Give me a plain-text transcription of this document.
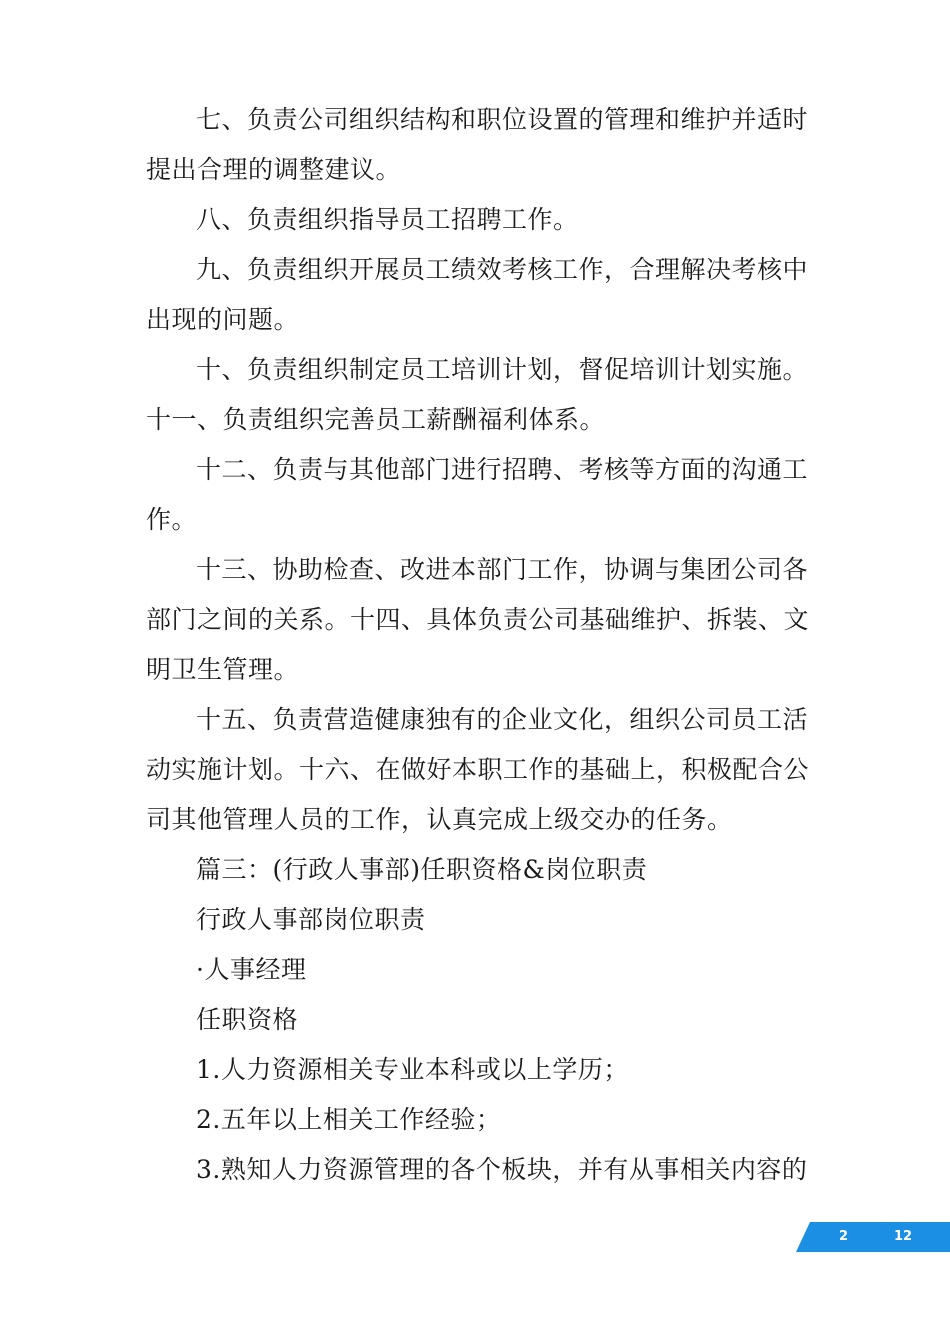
七、负责公司组织结构和职位设置的管理和维护并适时提出合理的调整建议。

八、负责组织指导员工招聘工作。

九、负责组织开展员工绩效考核工作，合理解决考核中出现的问题。

十、负责组织制定员工培训计划，督促培训计划实施。

十一、负责组织完善员工薪酬福利体系。

十二、负责与其他部门进行招聘、考核等方面的沟通工作。

十三、协助检查、改进本部门工作，协调与集团公司各部门之间的关系。十四、具体负责公司基础维护、拆装、文明卫生管理。

十五、负责营造健康独有的企业文化，组织公司员工活动实施计划。十六、在做好本职工作的基础上，积极配合公司其他管理人员的工作，认真完成上级交办的任务。

篇三：(行政人事部)任职资格&岗位职责

行政人事部岗位职责

·人事经理

任职资格

1.人力资源相关专业本科或以上学历；

2.五年以上相关工作经验；

3.熟知人力资源管理的各个板块，并有从事相关内容的

2	12
